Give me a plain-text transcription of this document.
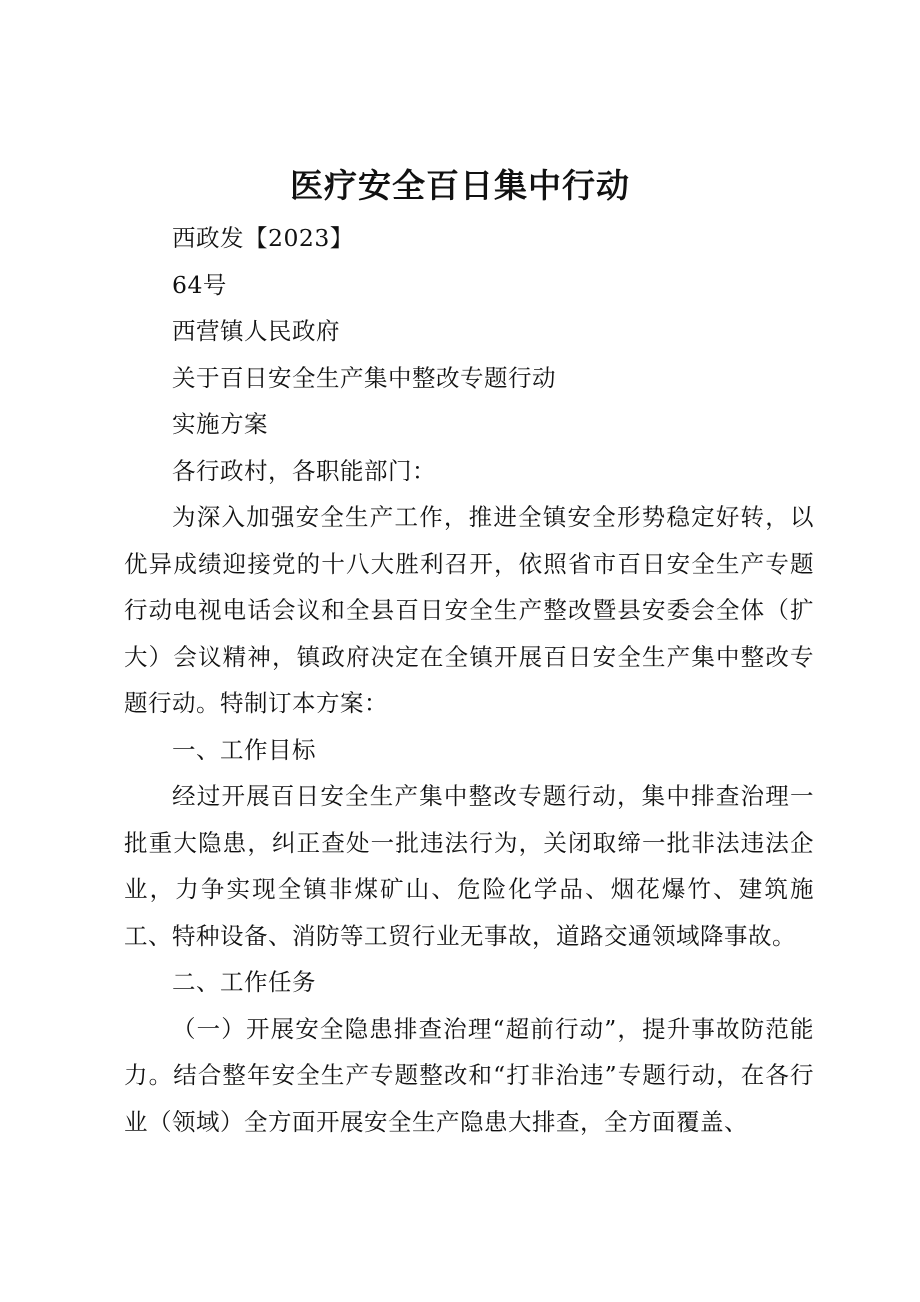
医疗安全百日集中行动

西政发【2023】

64号

西营镇人民政府

关于百日安全生产集中整改专题行动

实施方案

各行政村，各职能部门：

为深入加强安全生产工作，推进全镇安全形势稳定好转，以优异成绩迎接党的十八大胜利召开，依照省市百日安全生产专题行动电视电话会议和全县百日安全生产整改暨县安委会全体（扩大）会议精神，镇政府决定在全镇开展百日安全生产集中整改专题行动。特制订本方案：

一、工作目标

经过开展百日安全生产集中整改专题行动，集中排查治理一批重大隐患，纠正查处一批违法行为，关闭取缔一批非法违法企业，力争实现全镇非煤矿山、危险化学品、烟花爆竹、建筑施工、特种设备、消防等工贸行业无事故，道路交通领域降事故。

二、工作任务

（一）开展安全隐患排查治理“超前行动”，提升事故防范能力。结合整年安全生产专题整改和“打非治违”专题行动，在各行业（领域）全方面开展安全生产隐患大排查，全方面覆盖、
